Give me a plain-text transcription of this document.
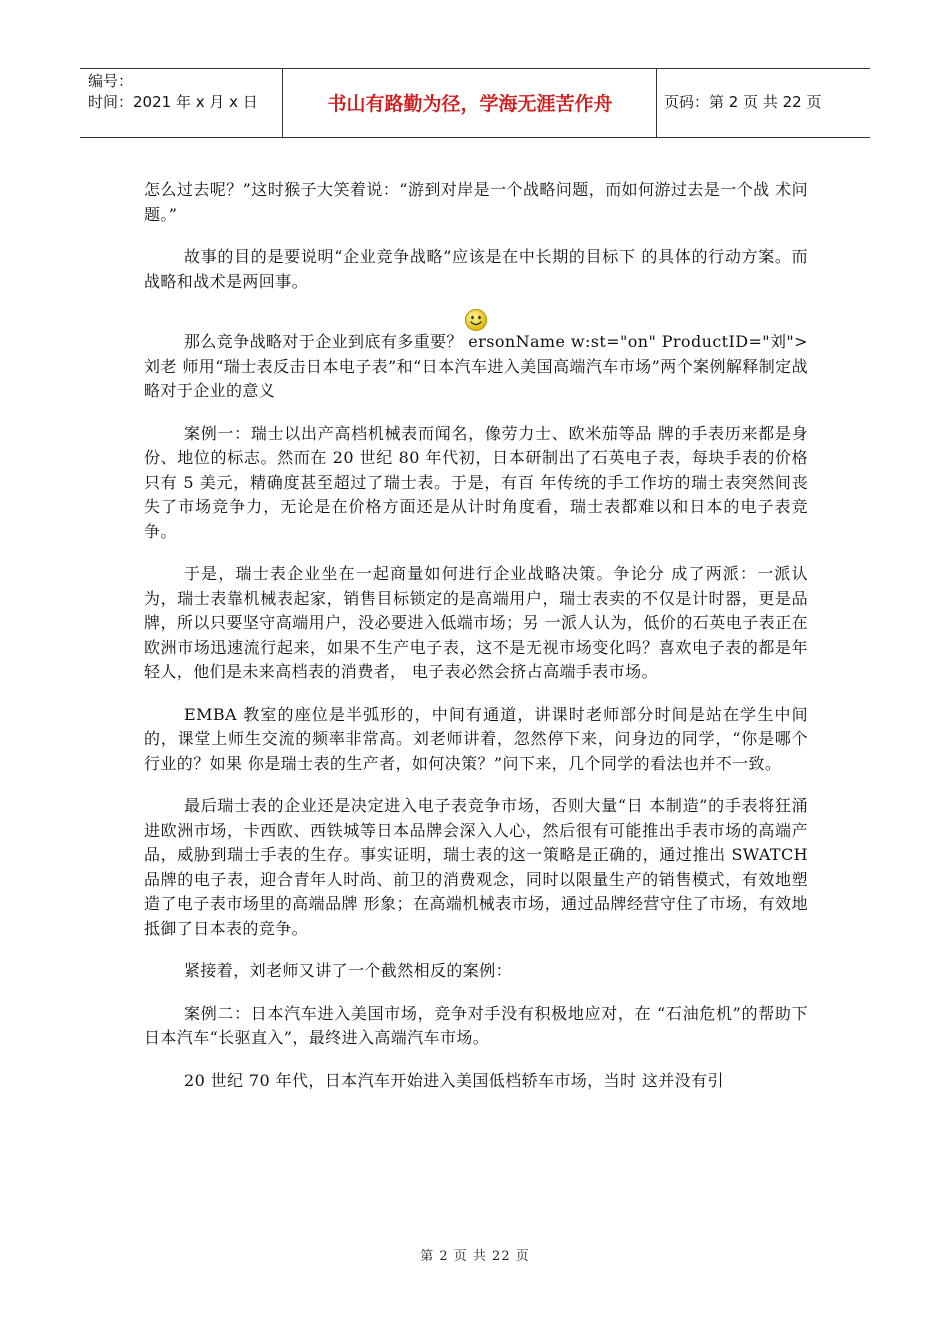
编号：
时间：2021 年 x 月 x 日	书山有路勤为径，学海无涯苦作舟	页码：第 2 页 共 22 页

怎么过去呢？”这时猴子大笑着说：“游到对岸是一个战略问题，而如何游过去是一个战 术问题。”

故事的目的是要说明“企业竞争战略”应该是在中长期的目标下 的具体的行动方案。而战略和战术是两回事。

那么竞争战略对于企业到底有多重要？ ersonName w:st="on" ProductID="刘">刘老 师用“瑞士表反击日本电子表”和“日本汽车进入美国高端汽车市场”两个案例解释制定战略对于企业的意义

案例一：瑞士以出产高档机械表而闻名，像劳力士、欧米茄等品 牌的手表历来都是身份、地位的标志。然而在 20 世纪 80 年代初，日本研制出了石英电子表，每块手表的价格只有 5 美元，精确度甚至超过了瑞士表。于是，有百 年传统的手工作坊的瑞士表突然间丧失了市场竞争力，无论是在价格方面还是从计时角度看，瑞士表都难以和日本的电子表竞争。

于是，瑞士表企业坐在一起商量如何进行企业战略决策。争论分 成了两派：一派认为，瑞士表靠机械表起家，销售目标锁定的是高端用户，瑞士表卖的不仅是计时器，更是品牌，所以只要坚守高端用户，没必要进入低端市场；另 一派人认为，低价的石英电子表正在欧洲市场迅速流行起来，如果不生产电子表，这不是无视市场变化吗？喜欢电子表的都是年轻人，他们是未来高档表的消费者， 电子表必然会挤占高端手表市场。

EMBA 教室的座位是半弧形的，中间有通道，讲课时老师部分时间是站在学生中间的，课堂上师生交流的频率非常高。刘老师讲着，忽然停下来，问身边的同学，“你是哪个行业的？如果 你是瑞士表的生产者，如何决策？”问下来，几个同学的看法也并不一致。

最后瑞士表的企业还是决定进入电子表竞争市场，否则大量“日 本制造”的手表将狂涌进欧洲市场，卡西欧、西铁城等日本品牌会深入人心，然后很有可能推出手表市场的高端产品，威胁到瑞士手表的生存。事实证明，瑞士表的这一策略是正确的，通过推出 SWATCH 品牌的电子表，迎合青年人时尚、前卫的消费观念，同时以限量生产的销售模式，有效地塑造了电子表市场里的高端品牌 形象；在高端机械表市场，通过品牌经营守住了市场，有效地抵御了日本表的竞争。

紧接着，刘老师又讲了一个截然相反的案例：

案例二：日本汽车进入美国市场，竞争对手没有积极地应对，在 “石油危机”的帮助下日本汽车“长驱直入”，最终进入高端汽车市场。

20 世纪 70 年代，日本汽车开始进入美国低档轿车市场，当时 这并没有引

第 2 页 共 22 页
